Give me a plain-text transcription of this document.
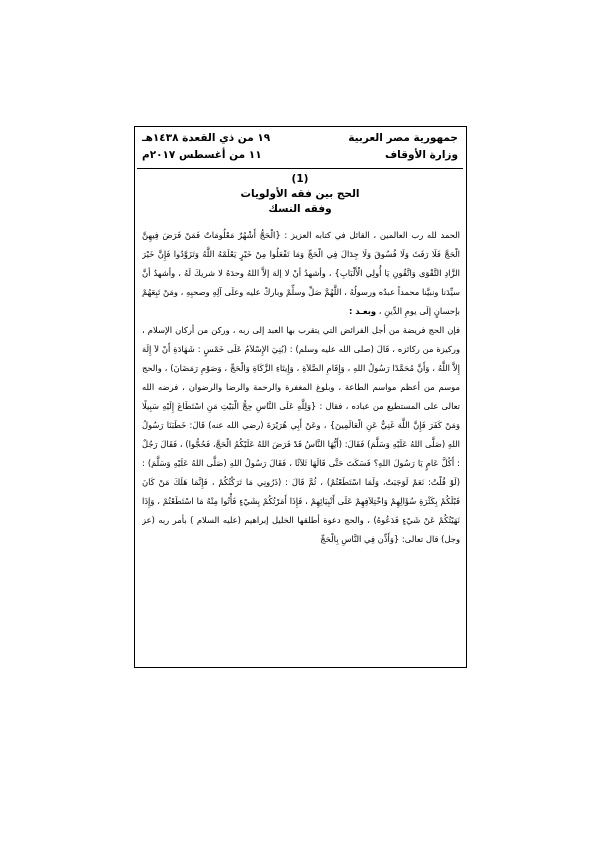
جمهورية مصر العربية
١٩ من ذي القعدة ١٤٣٨هـ
وزارة الأوقاف
١١ من أغسطس ٢٠١٧م
(1)
الحج بين فقه الأولويات
وفقه النسك

الحمد لله رب العالمين ، القائل في كتابه العزيز : {الْحَجُّ أَشْهُرٌ مَعْلُومَاتٌ فَمَنْ فَرَضَ فِيهِنَّ الْحَجَّ فَلَا رَفَثَ وَلَا فُسُوقَ وَلَا جِدَالَ فِي الْحَجِّ وَمَا تَفْعَلُوا مِنْ خَيْرٍ يَعْلَمْهُ اللَّهُ وَتَزَوَّدُوا فَإِنَّ خَيْرَ الزَّادِ التَّقْوَى وَاتَّقُونِ يَا أُولِي الْأَلْبَابِ} ، وأشهدُ أنْ لا إلهَ إلاَّ اللهُ وحدَهُ لا شريكَ لَهُ ، وأشهدُ أنَّ سيِّدَنا ونبيَّنا محمداً عبدُه ورسولُهُ ، اللَّهُمَّ صَلِّ وسلِّمْ وباركْ عليه وعلَى آلِهِ وصحبِهِ ، ومَنْ تَبِعَهُمْ بإحسانٍ إلَى يومِ الدِّينِ ، وبعـد :

فإن الحج فريضة من أجل الفرائض التي يتقرب بها العبد إلى ربه ، وركن من أركان الإسلام ، وركيزة من ركائزه ، قَالَ (صلى الله عليه وسلم) : (بُنِيَ الإِسْلاَمُ عَلَى خَمْسٍ : شَهَادَةِ أَنْ لاَ إِلَهَ إِلاَّ اللَّهُ ، وَأَنَّ مُحَمَّدًا رَسُولُ اللهِ ، وَإِقَامِ الصَّلاَةِ ، وَإِيتَاءِ الزَّكَاةِ وَالْحَجِّ ، وَصَوْمِ رَمَضَانَ) ، والحج موسم من أعظم مواسم الطاعة ، وبلوغ المغفرة والرحمة والرضا والرضوان ، فرضه الله تعالى على المستطيع من عباده ، فقال : {وَلِلَّهِ عَلَى النَّاسِ حِجُّ الْبَيْتِ مَنِ اسْتَطَاعَ إِلَيْهِ سَبِيلًا وَمَنْ كَفَرَ فَإِنَّ اللَّهَ غَنِيٌّ عَنِ الْعَالَمِينَ} ، وعَنْ أَبِي هُرَيْرَةَ (رضي الله عنه) قَالَ: خَطَبَنَا رَسُولُ اللهِ (صَلَّى اللهُ عَلَيْهِ وَسَلَّمَ) فَقَالَ: (أَيُّهَا النَّاسُ قَدْ فَرَضَ اللهُ عَلَيْكُمُ الْحَجَّ، فَحُجُّوا) ، فَقَالَ رَجُلٌ : أَكُلَّ عَامٍ يَا رَسُولَ اللهِ؟ فَسَكَتَ حَتَّى قَالَهَا ثَلاَثًا ، فَقَالَ رَسُولُ اللهِ (صَلَّى اللهُ عَلَيْهِ وَسَلَّمَ) : (لَوْ قُلْتُ: نَعَمْ لَوَجَبَتْ، وَلَمَا اسْتَطَعْتُمْ) ، ثُمَّ قَالَ : (ذَرُونِي مَا تَرَكْتُكُمْ ، فَإِنَّمَا هَلَكَ مَنْ كَانَ قَبْلَكُمْ بِكَثْرَةِ سُؤَالِهِمْ وَاخْتِلاَفِهِمْ عَلَى أَنْبِيَائِهِمْ ، فَإِذَا أَمَرْتُكُمْ بِشَيْءٍ فَأْتُوا مِنْهُ مَا اسْتَطَعْتُمْ ، وَإِذَا نَهَيْتُكُمْ عَنْ شَيْءٍ فَدَعُوهُ) ، والحج دعوة أطلقها الخليل إبراهيم (عليه السلام ) بأمر ربه (عز وجل) قال تعالى: {وَأَذِّن فِي النَّاسِ بِالْحَجِّ
